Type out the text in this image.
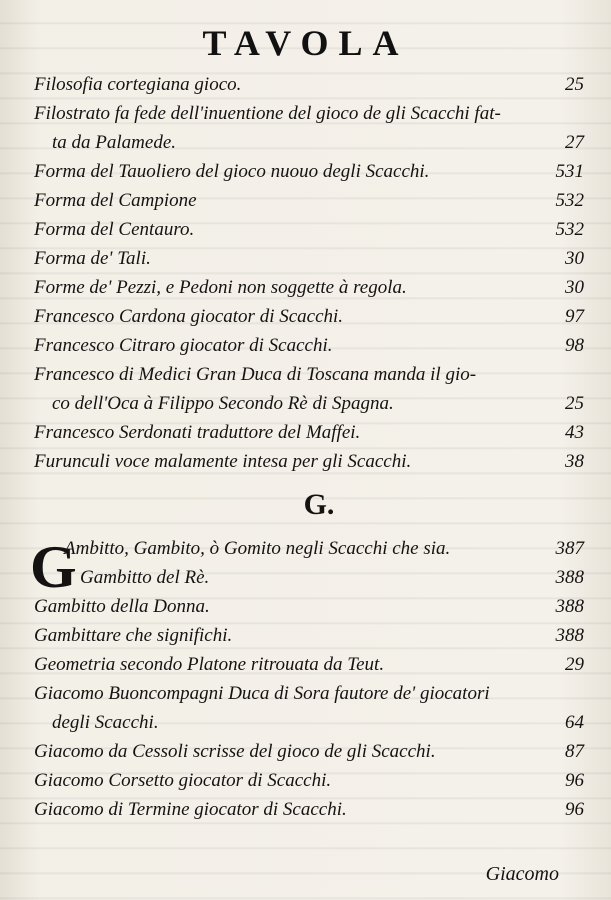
TAVOLA
Filosofia cortegiana gioco.	25
Filostrato fa fede dell'inuentione del gioco de gli Scacchi fat-
ta da Palamede.	27
Forma del Tauoliero del gioco nuouo degli Scacchi.	531
Forma del Campione	532
Forma del Centauro.	532
Forma de' Tali.	30
Forme de' Pezzi, e Pedoni non soggette à regola.	30
Francesco Cardona giocator di Scacchi.	97
Francesco Citraro giocator di Scacchi.	98
Francesco di Medici Gran Duca di Toscana manda il gio-
co dell'Oca à Filippo Secondo Rè di Spagna.	25
Francesco Serdonati traduttore del Maffei.	43
Furunculi voce malamente intesa per gli Scacchi.	38
G.
G
Ambitto, Gambito, ò Gomito negli Scacchi che sia.	387
Gambitto del Rè.	388
Gambitto della Donna.	388
Gambittare che significhi.	388
Geometria secondo Platone ritrouata da Teut.	29
Giacomo Buoncompagni Duca di Sora fautore de' giocatori
degli Scacchi.	64
Giacomo da Cessoli scrisse del gioco de gli Scacchi.	87
Giacomo Corsetto giocator di Scacchi.	96
Giacomo di Termine giocator di Scacchi.	96
Giacomo
